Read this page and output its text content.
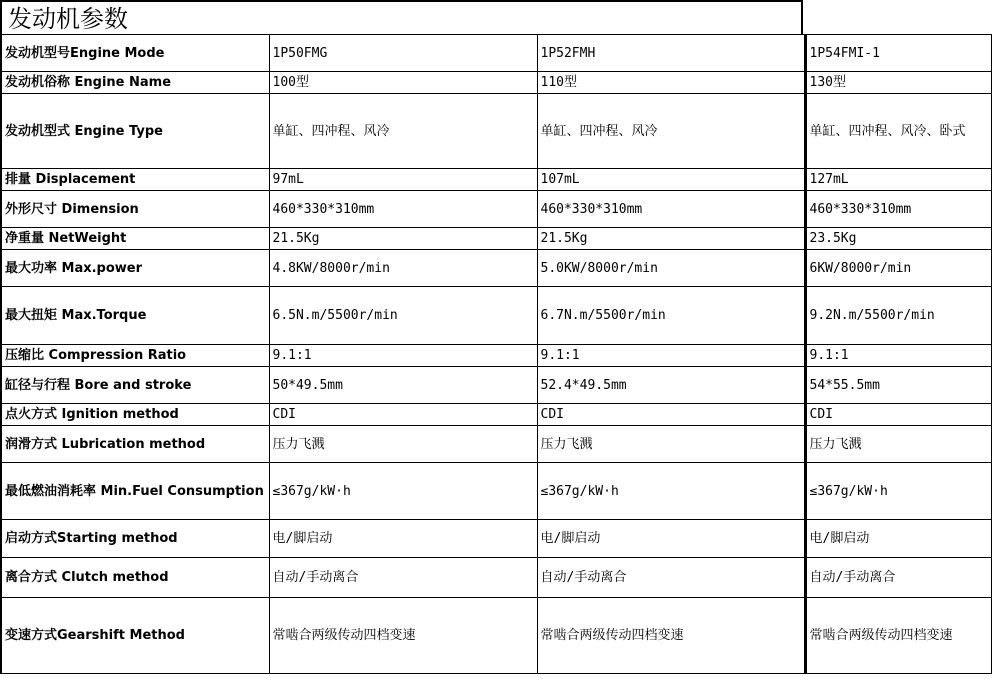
发动机参数
发动机型号Engine Mode	1P50FMG	1P52FMH	1P54FMI-1
发动机俗称 Engine Name	100型	110型	130型
发动机型式 Engine Type	单缸、四冲程、风冷	单缸、四冲程、风冷	单缸、四冲程、风冷、卧式
排量 Displacement	97mL	107mL	127mL
外形尺寸 Dimension	460*330*310mm	460*330*310mm	460*330*310mm
净重量 NetWeight	21.5Kg	21.5Kg	23.5Kg
最大功率 Max.power	4.8KW/8000r/min	5.0KW/8000r/min	6KW/8000r/min
最大扭矩 Max.Torque	6.5N.m/5500r/min	6.7N.m/5500r/min	9.2N.m/5500r/min
压缩比 Compression Ratio	9.1:1	9.1:1	9.1:1
缸径与行程 Bore and stroke	50*49.5mm	52.4*49.5mm	54*55.5mm
点火方式 Ignition method	CDI	CDI	CDI
润滑方式 Lubrication method	压力飞溅	压力飞溅	压力飞溅
最低燃油消耗率 Min.Fuel Consumption	≤367g/kW·h	≤367g/kW·h	≤367g/kW·h
启动方式Starting method	电/脚启动	电/脚启动	电/脚启动
离合方式 Clutch method	自动/手动离合	自动/手动离合	自动/手动离合
变速方式Gearshift Method	常啮合两级传动四档变速	常啮合两级传动四档变速	常啮合两级传动四档变速
